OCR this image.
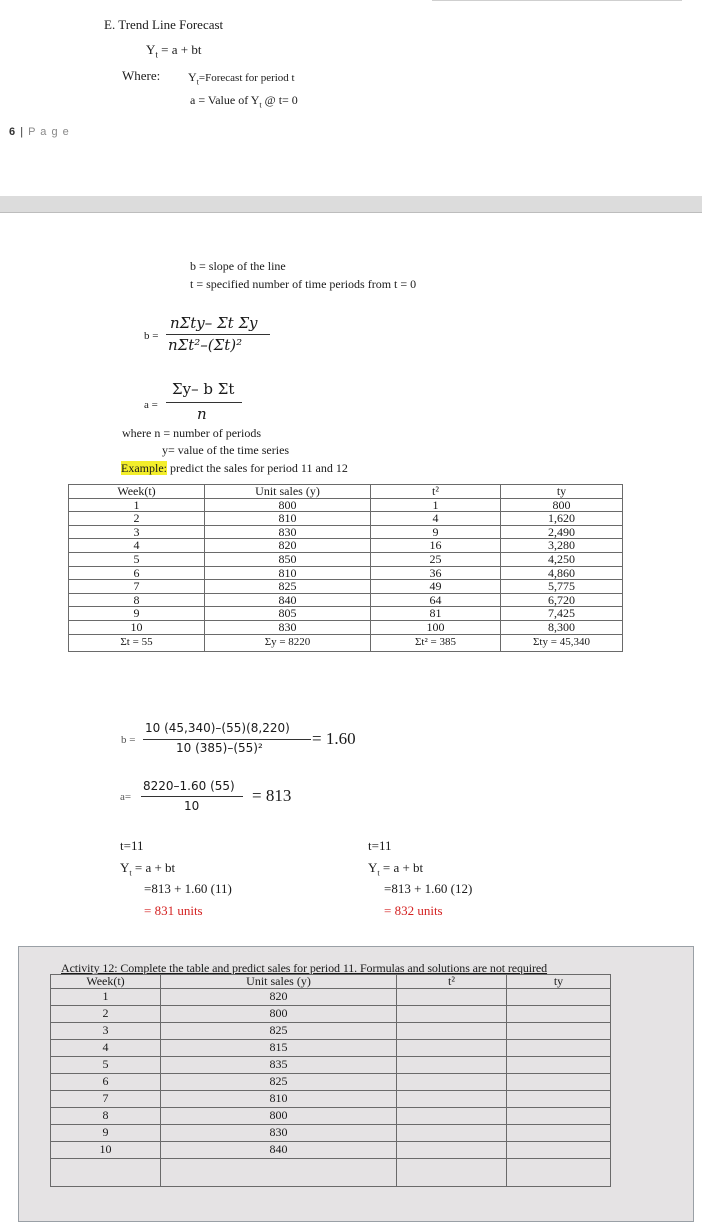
E. Trend Line Forecast
$Y_t = a$ + bt
Where: $Y_t=Forecast$ for period t
a = Value of $Y_t$ @ t= 0
6 | P a g e
b = slope of the line
t = specified number of time periods from t = 0
b =
nΣty– Σt Σy
nΣt²–(Σt)²
a =
Σy– b Σt
n
where n = number of periods
y= value of the time series
Example: predict the sales for period 11 and 12
Week(t)	Unit sales (y)	t²	ty
1	800	1	800
2	810	4	1,620
3	830	9	2,490
4	820	16	3,280
5	850	25	4,250
6	810	36	4,860
7	825	49	5,775
8	840	64	6,720
9	805	81	7,425
10	830	100	8,300
Σt = 55	Σy = 8220	Σt² = 385	Σty = 45,340
b =
10 (45,340)–(55)(8,220)
10 (385)–(55)²	= 1.60
a=
8220–1.60 (55)
10
= 813
t=11
$Y_t = a$ + bt
=813 + 1.60 (11)
= 831 units
t=11
$Y_t = a$ + bt
=813 + 1.60 (12)
= 832 units
Activity 12: Complete the table and predict sales for period 11. Formulas and solutions are not required
Week(t)	Unit sales (y)	t²	ty
1	820		
2	800		
3	825		
4	815		
5	835		
6	825		
7	810		
8	800		
9	830		
10	840		
